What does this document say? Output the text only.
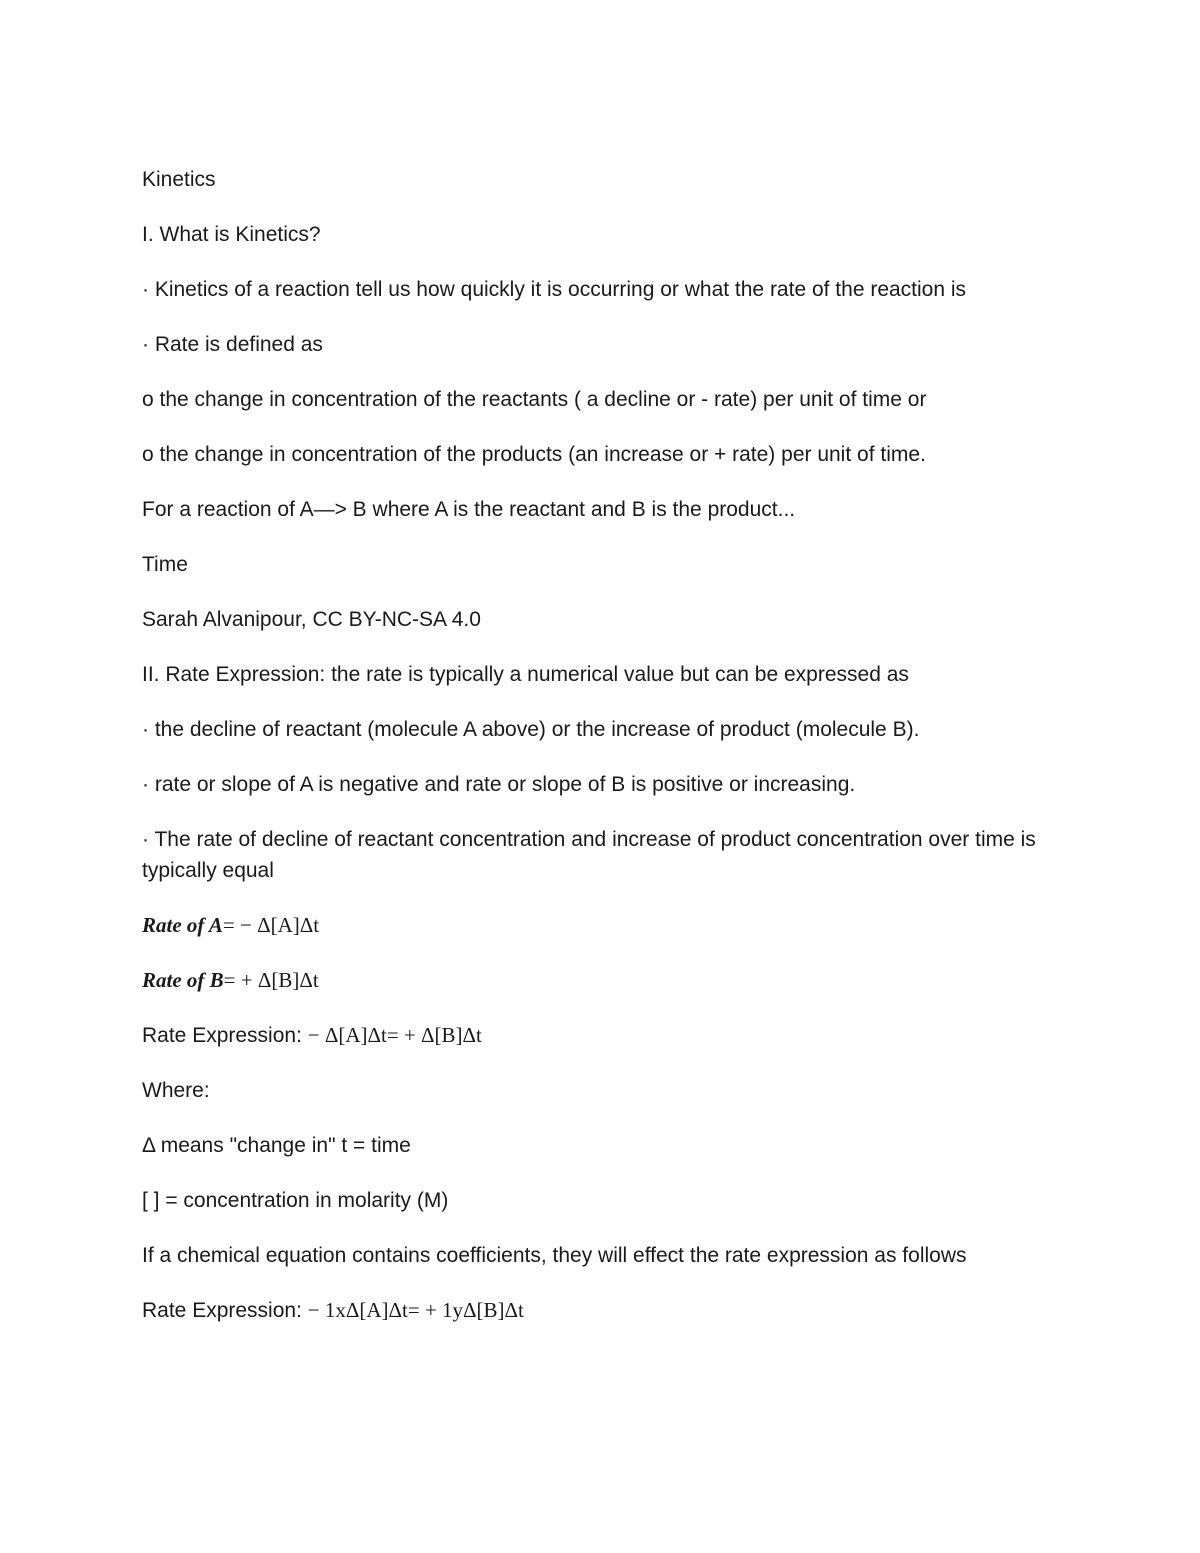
Kinetics

I. What is Kinetics?

· Kinetics of a reaction tell us how quickly it is occurring or what the rate of the reaction is

· Rate is defined as

o the change in concentration of the reactants ( a decline or - rate) per unit of time or

o the change in concentration of the products (an increase or + rate) per unit of time.

For a reaction of A—> B where A is the reactant and B is the product...

Time

Sarah Alvanipour, CC BY-NC-SA 4.0

II. Rate Expression: the rate is typically a numerical value but can be expressed as

· the decline of reactant (molecule A above) or the increase of product (molecule B).

· rate or slope of A is negative and rate or slope of B is positive or increasing.

· The rate of decline of reactant concentration and increase of product concentration over time is typically equal

Rate of A= − Δ[A]Δt

Rate of B= + Δ[B]Δt

Rate Expression: − Δ[A]Δt= + Δ[B]Δt

Where:

Δ means "change in" t = time

[ ] = concentration in molarity (M)

If a chemical equation contains coefficients, they will effect the rate expression as follows

Rate Expression: − 1xΔ[A]Δt= + 1yΔ[B]Δt
